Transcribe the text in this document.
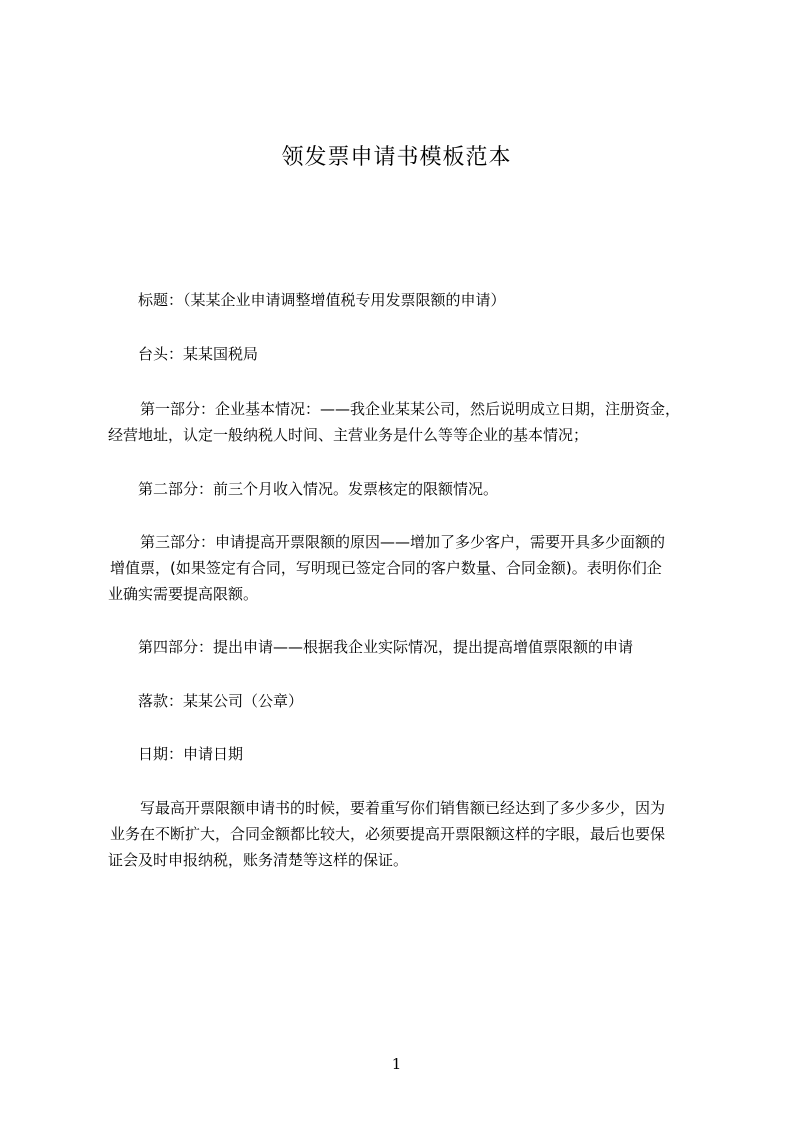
领发票申请书模板范本

标题：（某某企业申请调整增值税专用发票限额的申请）

台头：某某国税局

第一部分：企业基本情况：——我企业某某公司，然后说明成立日期，注册资金，

经营地址，认定一般纳税人时间、主营业务是什么等等企业的基本情况；

第二部分：前三个月收入情况。发票核定的限额情况。

第三部分：申请提高开票限额的原因——增加了多少客户，需要开具多少面额的

增值票，(如果签定有合同，写明现已签定合同的客户数量、合同金额)。表明你们企

业确实需要提高限额。

第四部分：提出申请——根据我企业实际情况，提出提高增值票限额的申请

落款：某某公司（公章）

日期：申请日期

写最高开票限额申请书的时候，要着重写你们销售额已经达到了多少多少，因为

业务在不断扩大，合同金额都比较大，必须要提高开票限额这样的字眼，最后也要保

证会及时申报纳税，账务清楚等这样的保证。

1
